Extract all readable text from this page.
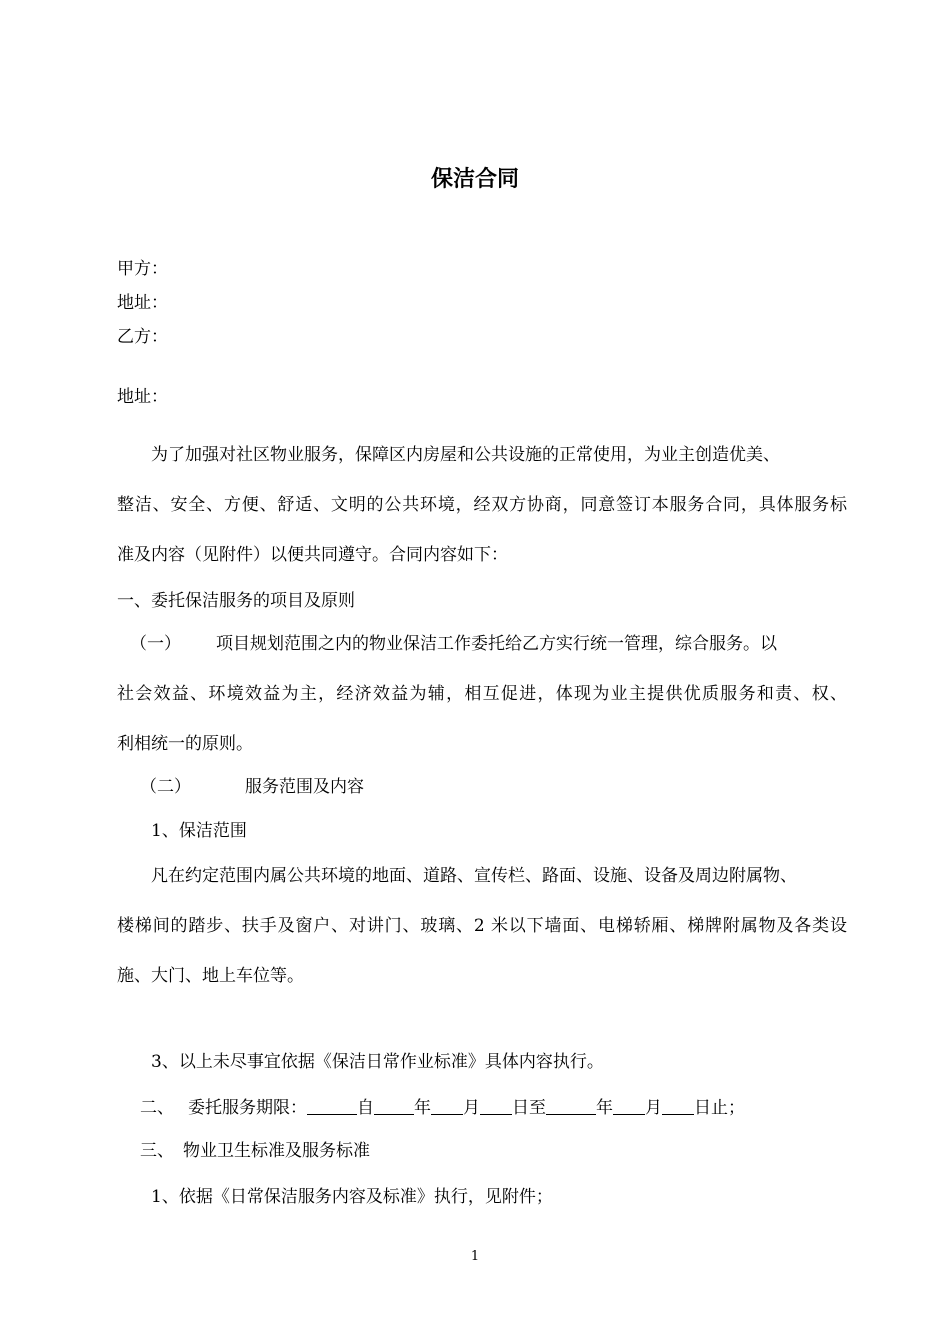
保洁合同
甲方：
地址：
乙方：
地址：
为了加强对社区物业服务，保障区内房屋和公共设施的正常使用，为业主创造优美、
整洁、安全、方便、舒适、文明的公共环境，经双方协商，同意签订本服务合同，具体服务标
准及内容（见附件）以便共同遵守。合同内容如下：
一、委托保洁服务的项目及原则
（一） 项目规划范围之内的物业保洁工作委托给乙方实行统一管理，综合服务。以
社会效益、环境效益为主，经济效益为辅，相互促进，体现为业主提供优质服务和责、权、
利相统一的原则。
（二）	服务范围及内容
1、保洁范围
凡在约定范围内属公共环境的地面、道路、宣传栏、路面、设施、设备及周边附属物、
楼梯间的踏步、扶手及窗户、对讲门、玻璃、2 米以下墙面、电梯轿厢、梯牌附属物及各类设
施、大门、地上车位等。
3、以上未尽事宜依据《保洁日常作业标准》具体内容执行。
二、 委托服务期限：	自 年 月 日至	年 月 日止；
三、 物业卫生标准及服务标准
1、依据《日常保洁服务内容及标准》执行，见附件；
1
